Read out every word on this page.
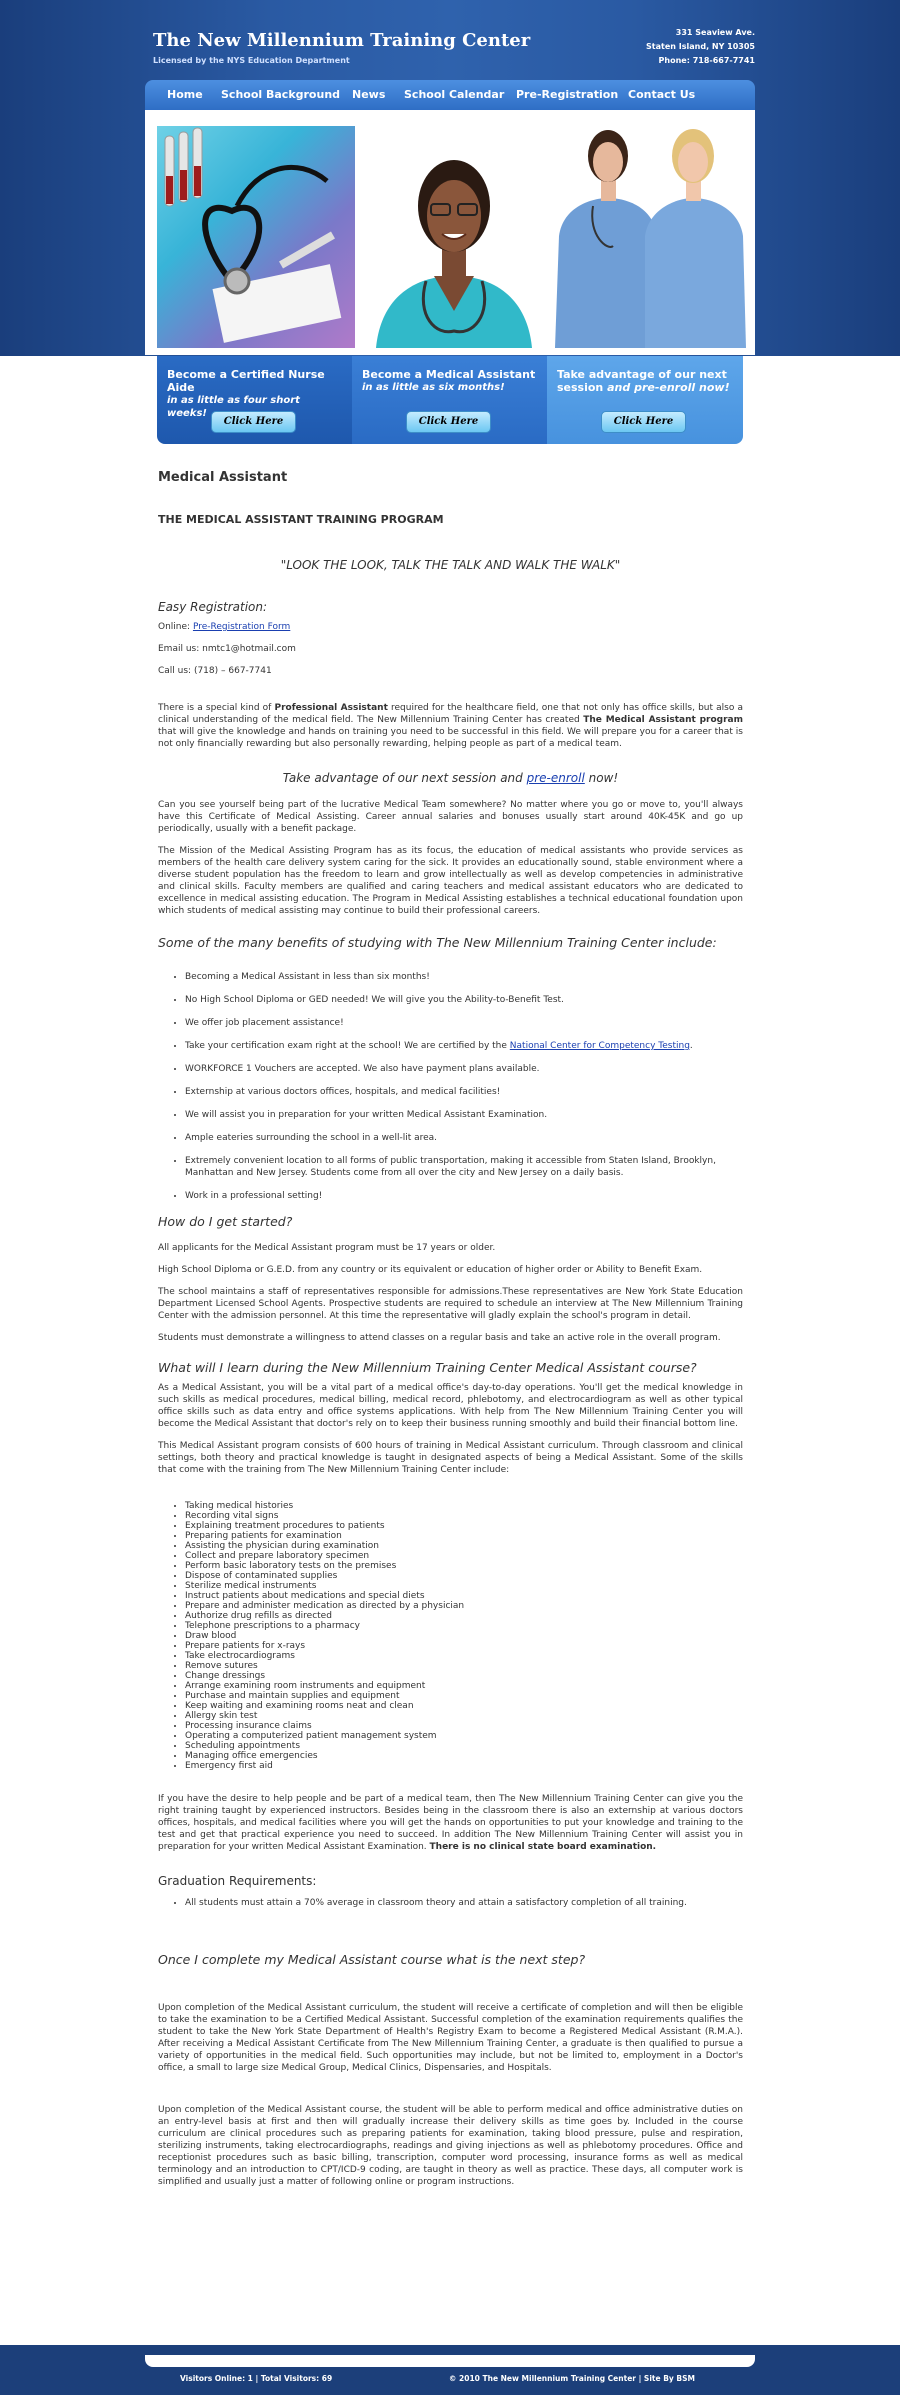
The New Millennium Training Center
Licensed by the NYS Education Department
331 Seaview Ave.
Staten Island, NY 10305
Phone: 718-667-7741
Home School Background News School Calendar Pre-Registration Contact Us
Become a Certified Nurse Aide

in as little as four short weeks!

Click Here
Become a Medical Assistant

in as little as six months!

Click Here
Take advantage of our next session and pre-enroll now!
Click Here
Medical Assistant
THE MEDICAL ASSISTANT TRAINING PROGRAM
"LOOK THE LOOK, TALK THE TALK AND WALK THE WALK"
Easy Registration:

Online: Pre-Registration Form

Email us: nmtc1@hotmail.com

Call us: (718) – 667-7741

There is a special kind of Professional Assistant required for the healthcare field, one that not only has office skills, but also a clinical understanding of the medical field. The New Millennium Training Center has created The Medical Assistant program that will give the knowledge and hands on training you need to be successful in this field. We will prepare you for a career that is not only financially rewarding but also personally rewarding, helping people as part of a medical team.

Take advantage of our next session and pre-enroll now!

Can you see yourself being part of the lucrative Medical Team somewhere? No matter where you go or move to, you'll always have this Certificate of Medical Assisting. Career annual salaries and bonuses usually start around 40K-45K and go up periodically, usually with a benefit package.

The Mission of the Medical Assisting Program has as its focus, the education of medical assistants who provide services as members of the health care delivery system caring for the sick. It provides an educationally sound, stable environment where a diverse student population has the freedom to learn and grow intellectually as well as develop competencies in administrative and clinical skills. Faculty members are qualified and caring teachers and medical assistant educators who are dedicated to excellence in medical assisting education. The Program in Medical Assisting establishes a technical educational foundation upon which students of medical assisting may continue to build their professional careers.

Some of the many benefits of studying with The New Millennium Training Center include:
• Becoming a Medical Assistant in less than six months!
• No High School Diploma or GED needed! We will give you the Ability-to-Benefit Test.
• We offer job placement assistance!
• Take your certification exam right at the school! We are certified by the National Center for Competency Testing.
• WORKFORCE 1 Vouchers are accepted. We also have payment plans available.
• Externship at various doctors offices, hospitals, and medical facilities!
• We will assist you in preparation for your written Medical Assistant Examination.
• Ample eateries surrounding the school in a well-lit area.
• Extremely convenient location to all forms of public transportation, making it accessible from Staten Island, Brooklyn, Manhattan and New Jersey. Students come from all over the city and New Jersey on a daily basis.
• Work in a professional setting!
How do I get started?

All applicants for the Medical Assistant program must be 17 years or older.

High School Diploma or G.E.D. from any country or its equivalent or education of higher order or Ability to Benefit Exam.

The school maintains a staff of representatives responsible for admissions.These representatives are New York State Education Department Licensed School Agents. Prospective students are required to schedule an interview at The New Millennium Training Center with the admission personnel. At this time the representative will gladly explain the school's program in detail.

Students must demonstrate a willingness to attend classes on a regular basis and take an active role in the overall program.

What will I learn during the New Millennium Training Center Medical Assistant course?

As a Medical Assistant, you will be a vital part of a medical office's day-to-day operations. You'll get the medical knowledge in such skills as medical procedures, medical billing, medical record, phlebotomy, and electrocardiogram as well as other typical office skills such as data entry and office systems applications. With help from The New Millennium Training Center you will become the Medical Assistant that doctor's rely on to keep their business running smoothly and build their financial bottom line.

This Medical Assistant program consists of 600 hours of training in Medical Assistant curriculum. Through classroom and clinical settings, both theory and practical knowledge is taught in designated aspects of being a Medical Assistant. Some of the skills that come with the training from The New Millennium Training Center include:

• Taking medical histories
• Recording vital signs
• Explaining treatment procedures to patients
• Preparing patients for examination
• Assisting the physician during examination
• Collect and prepare laboratory specimen
• Perform basic laboratory tests on the premises
• Dispose of contaminated supplies
• Sterilize medical instruments
• Instruct patients about medications and special diets
• Prepare and administer medication as directed by a physician
• Authorize drug refills as directed
• Telephone prescriptions to a pharmacy
• Draw blood
• Prepare patients for x-rays
• Take electrocardiograms
• Remove sutures
• Change dressings
• Arrange examining room instruments and equipment
• Purchase and maintain supplies and equipment
• Keep waiting and examining rooms neat and clean
• Allergy skin test
• Processing insurance claims
• Operating a computerized patient management system
• Scheduling appointments
• Managing office emergencies
• Emergency first aid

If you have the desire to help people and be part of a medical team, then The New Millennium Training Center can give you the right training taught by experienced instructors. Besides being in the classroom there is also an externship at various doctors offices, hospitals, and medical facilities where you will get the hands on opportunities to put your knowledge and training to the test and get that practical experience you need to succeed. In addition The New Millennium Training Center will assist you in preparation for your written Medical Assistant Examination. There is no clinical state board examination.

Graduation Requirements:
• All students must attain a 70% average in classroom theory and attain a satisfactory completion of all training.
Once I complete my Medical Assistant course what is the next step?

Upon completion of the Medical Assistant curriculum, the student will receive a certificate of completion and will then be eligible to take the examination to be a Certified Medical Assistant. Successful completion of the examination requirements qualifies the student to take the New York State Department of Health's Registry Exam to become a Registered Medical Assistant (R.M.A.). After receiving a Medical Assistant Certificate from The New Millennium Training Center, a graduate is then qualified to pursue a variety of opportunities in the medical field. Such opportunities may include, but not be limited to, employment in a Doctor's office, a small to large size Medical Group, Medical Clinics, Dispensaries, and Hospitals.

Upon completion of the Medical Assistant course, the student will be able to perform medical and office administrative duties on an entry-level basis at first and then will gradually increase their delivery skills as time goes by. Included in the course curriculum are clinical procedures such as preparing patients for examination, taking blood pressure, pulse and respiration, sterilizing instruments, taking electrocardiographs, readings and giving injections as well as phlebotomy procedures. Office and receptionist procedures such as basic billing, transcription, computer word processing, insurance forms as well as medical terminology and an introduction to CPT/ICD-9 coding, are taught in theory as well as practice. These days, all computer work is simplified and usually just a matter of following online or program instructions.

Visitors Online: 1 | Total Visitors: 69	© 2010 The New Millennium Training Center | Site By BSM
